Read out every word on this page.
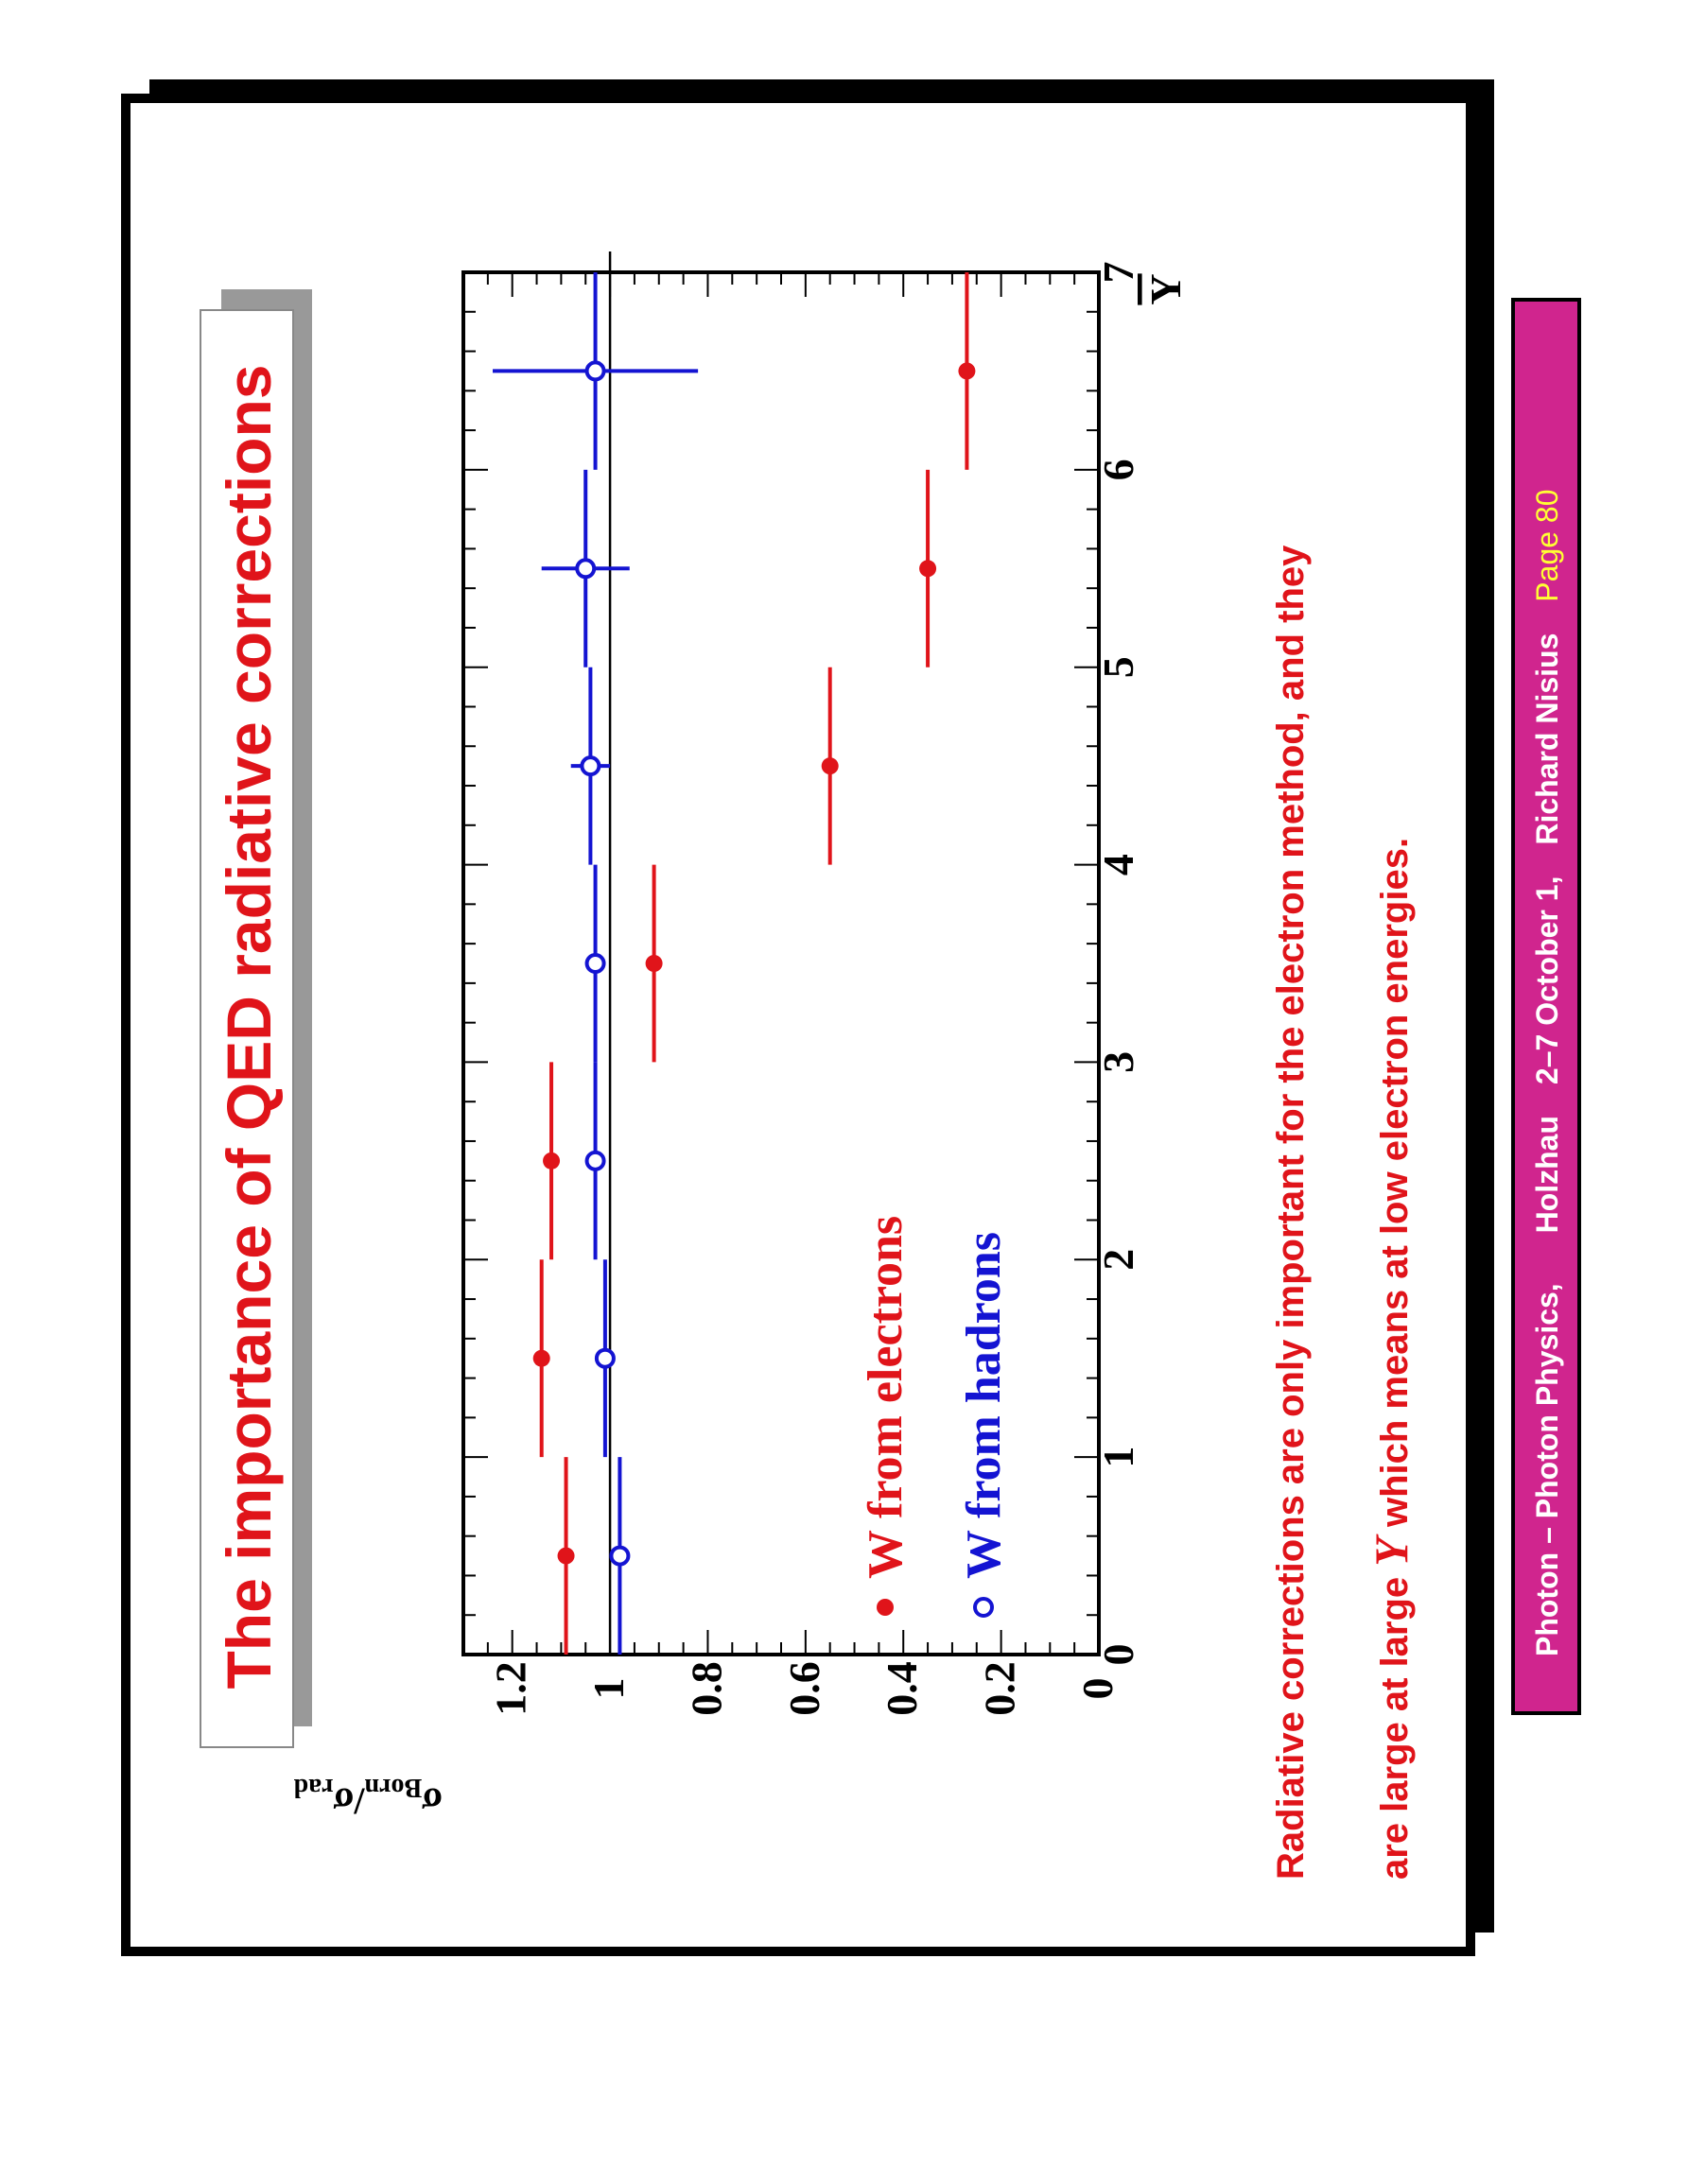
The importance of QED radiative corrections	0
1
2
3
4
5
6
7
0
0.2
0.4
0.6
0.8
1
1.2
Y
$\sigma_{Born}/\sigma_{rad}$
W from electrons W from hadrons	Radiative corrections are only important for the electron method, and they are large at large Y which means at low electron energies.	Photon – Photon Physics, Holzhau 2–7 October 1, Richard Nisius Page 80
